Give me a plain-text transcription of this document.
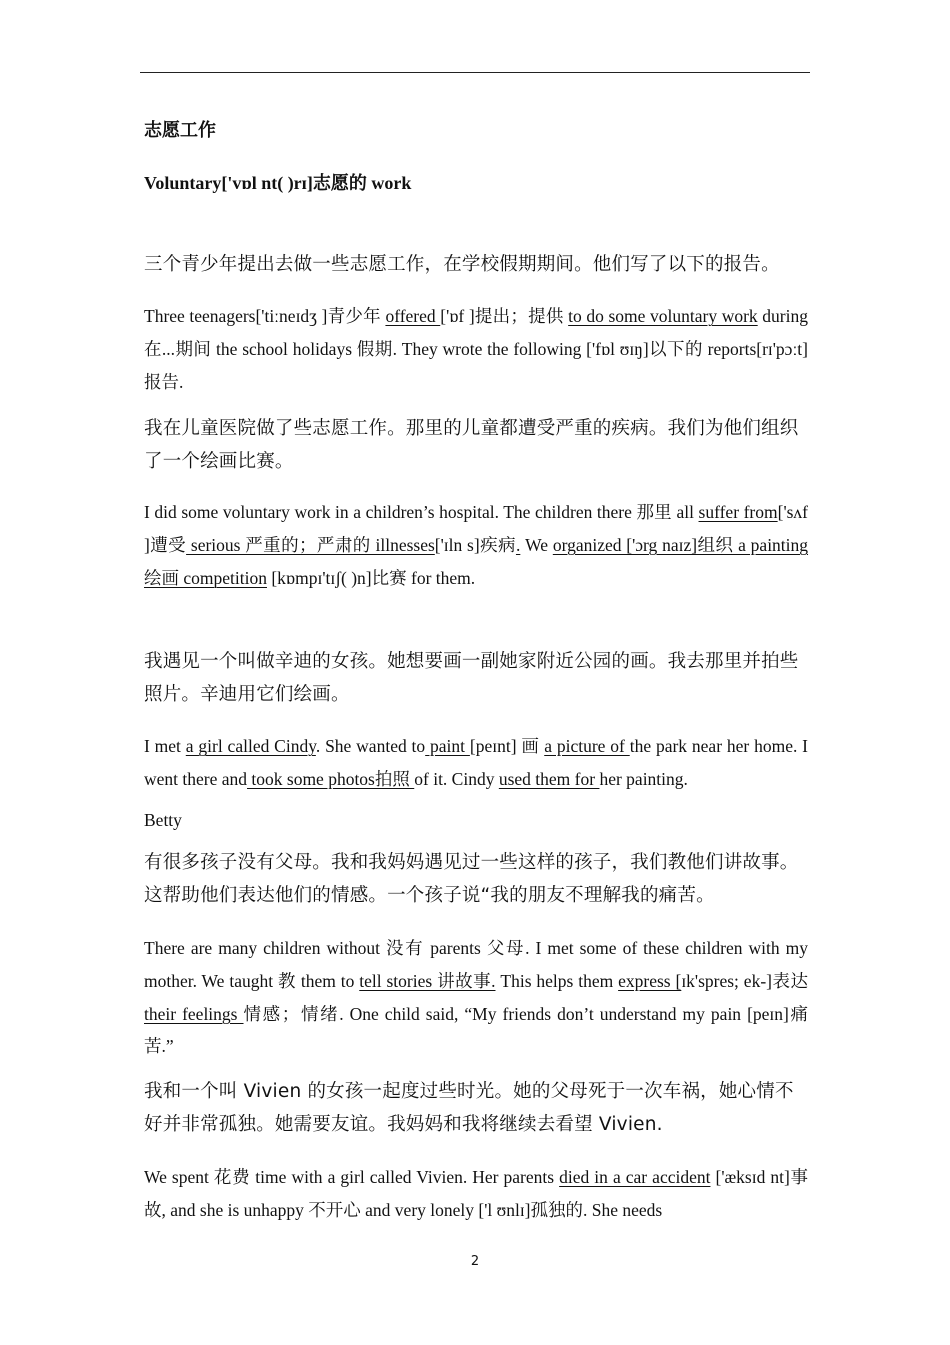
志愿工作
Voluntary['vɒl nt( )rɪ]志愿的 work
三个青少年提出去做一些志愿工作，在学校假期期间。他们写了以下的报告。
Three teenagers['tiːneɪdʒ ]青少年 offered ['ɒf ]提出；提供 to do some voluntary work during 在...期间 the school holidays 假期. They wrote the following ['fɒl ʊɪŋ]以下的 reports[rɪ'pɔːt]报告.
我在儿童医院做了些志愿工作。那里的儿童都遭受严重的疾病。我们为他们组织了一个绘画比赛。
I did some voluntary work in a children’s hospital. The children there 那里 all suffer from['sʌf ]遭受 serious 严重的；严肃的 illnesses['ɪln s]疾病. We organized ['ɔrg naɪz]组织 a painting 绘画 competition [kɒmpɪ'tɪʃ( )n]比赛 for them.
我遇见一个叫做辛迪的女孩。她想要画一副她家附近公园的画。我去那里并拍些照片。辛迪用它们绘画。
I met a girl called Cindy. She wanted to paint [peɪnt] 画 a picture of the park near her home. I went there and took some photos拍照 of it. Cindy used them for her painting.
Betty
有很多孩子没有父母。我和我妈妈遇见过一些这样的孩子，我们教他们讲故事。这帮助他们表达他们的情感。一个孩子说“我的朋友不理解我的痛苦。
There are many children without 没有 parents 父母. I met some of these children with my mother. We taught 教 them to tell stories 讲故事. This helps them express [ɪk'spres; ek-]表达 their feelings 情感；情绪. One child said, “My friends don’t understand my pain [peɪn]痛苦.”
我和一个叫 Vivien 的女孩一起度过些时光。她的父母死于一次车祸，她心情不好并非常孤独。她需要友谊。我妈妈和我将继续去看望 Vivien.
We spent 花费 time with a girl called Vivien. Her parents died in a car accident ['æksɪd nt]事故, and she is unhappy 不开心 and very lonely ['l ʊnlɪ]孤独的. She needs
2
